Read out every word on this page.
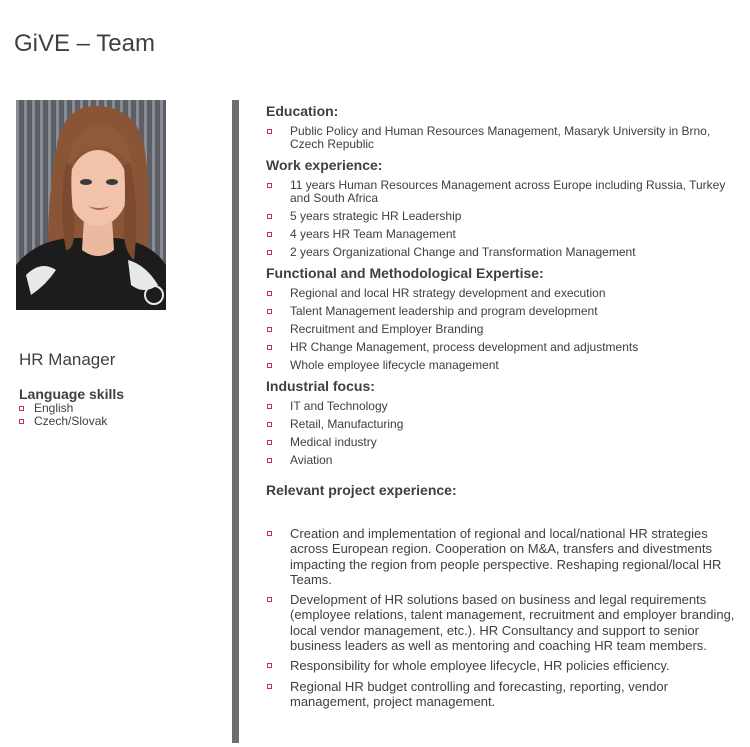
GiVE – Team
HR Manager
Language skills
English
Czech/Slovak
Education:
Public Policy and Human Resources Management, Masaryk University in Brno, Czech Republic
Work experience:
11 years Human Resources Management across Europe including Russia, Turkey and South Africa
5 years strategic HR Leadership
4 years HR Team Management
2 years Organizational Change and Transformation Management
Functional and Methodological Expertise:
Regional and local HR strategy development and execution
Talent Management leadership and program development
Recruitment and Employer Branding
HR Change Management, process development and adjustments
Whole employee lifecycle management
Industrial focus:
IT and Technology
Retail, Manufacturing
Medical industry
Aviation
Relevant project experience:
Creation and implementation of regional and local/national HR strategies across European region. Cooperation on M&A, transfers and divestments impacting the region from people perspective. Reshaping regional/local HR Teams.
Development of HR solutions based on business and legal requirements (employee relations, talent management, recruitment and employer branding, local vendor management, etc.). HR Consultancy and support to senior business leaders as well as mentoring and coaching HR team members.
Responsibility for whole employee lifecycle, HR policies efficiency.
Regional HR budget controlling and forecasting, reporting, vendor management, project management.
